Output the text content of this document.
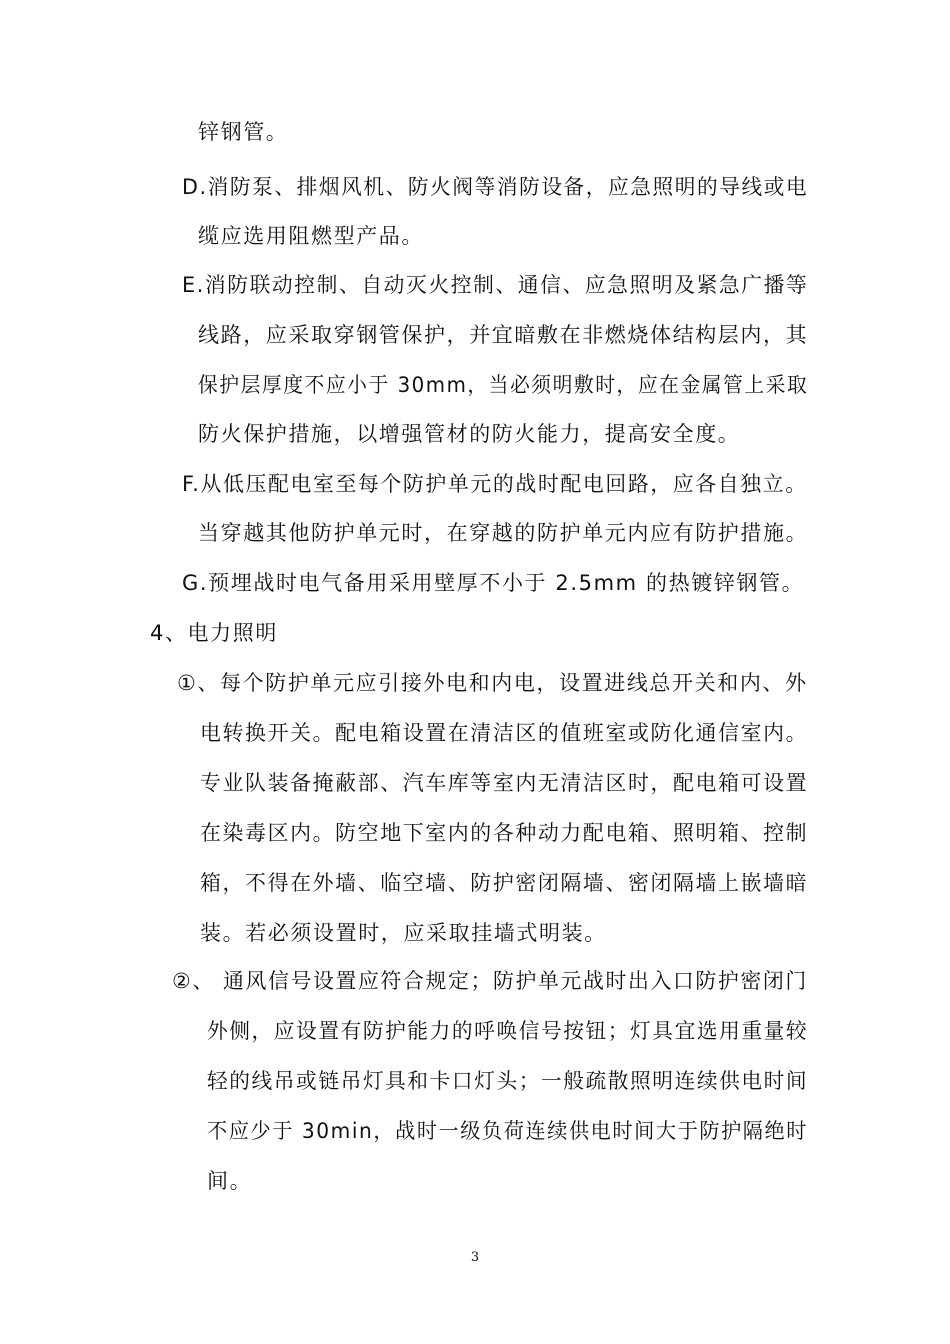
锌钢管。
D.消防泵、排烟风机、防火阀等消防设备，应急照明的导线或电
缆应选用阻燃型产品。
E.消防联动控制、自动灭火控制、通信、应急照明及紧急广播等
线路，应采取穿钢管保护，并宜暗敷在非燃烧体结构层内，其
保护层厚度不应小于 30mm，当必须明敷时，应在金属管上采取
防火保护措施，以增强管材的防火能力，提高安全度。
F.从低压配电室至每个防护单元的战时配电回路，应各自独立。
当穿越其他防护单元时，在穿越的防护单元内应有防护措施。
G.预埋战时电气备用采用壁厚不小于 2.5mm 的热镀锌钢管。
4、电力照明
①、每个防护单元应引接外电和内电，设置进线总开关和内、外
电转换开关。配电箱设置在清洁区的值班室或防化通信室内。
专业队装备掩蔽部、汽车库等室内无清洁区时，配电箱可设置
在染毒区内。防空地下室内的各种动力配电箱、照明箱、控制
箱，不得在外墙、临空墙、防护密闭隔墙、密闭隔墙上嵌墙暗
装。若必须设置时，应采取挂墙式明装。
②、 通风信号设置应符合规定；防护单元战时出入口防护密闭门
外侧，应设置有防护能力的呼唤信号按钮；灯具宜选用重量较
轻的线吊或链吊灯具和卡口灯头；一般疏散照明连续供电时间
不应少于 30min，战时一级负荷连续供电时间大于防护隔绝时
间。
3
